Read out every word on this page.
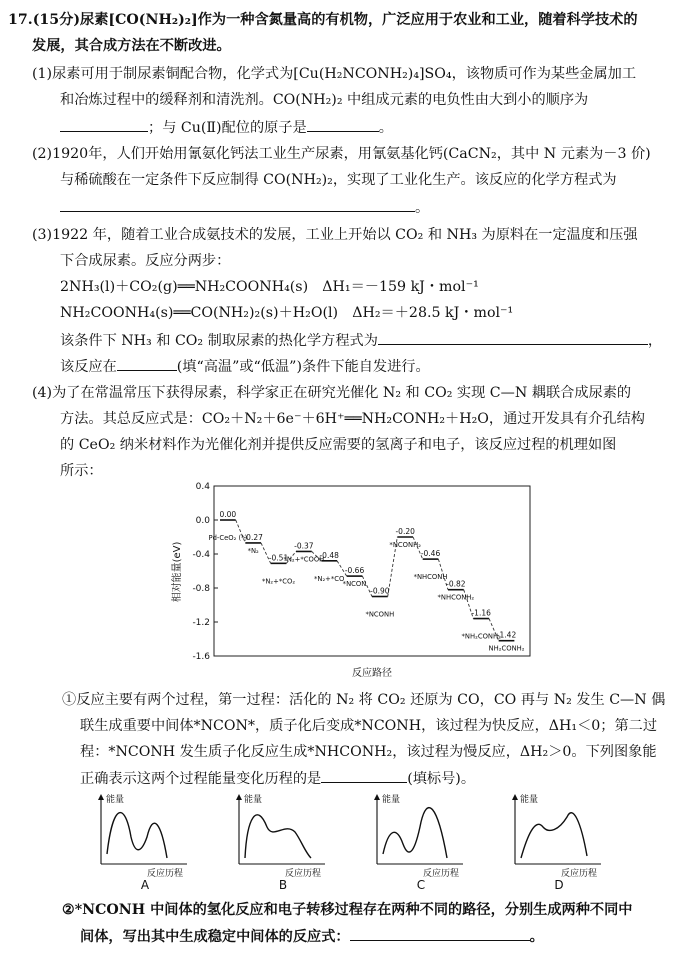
17.(15分)尿素[CO(NH₂)₂]作为一种含氮量高的有机物，广泛应用于农业和工业，随着科学技术的
发展，其合成方法在不断改进。
(1)尿素可用于制尿素铜配合物，化学式为[Cu(H₂NCONH₂)₄]SO₄，该物质可作为某些金属加工
和冶炼过程中的缓释剂和清洗剂。CO(NH₂)₂ 中组成元素的电负性由大到小的顺序为
；与 Cu(Ⅱ)配位的原子是	。
(2)1920年，人们开始用氰氨化钙法工业生产尿素，用氰氨基化钙(CaCN₂，其中 N 元素为－3 价)
与稀硫酸在一定条件下反应制得 CO(NH₂)₂，实现了工业化生产。该反应的化学方程式为
。
(3)1922 年，随着工业合成氨技术的发展，工业上开始以 CO₂ 和 NH₃ 为原料在一定温度和压强
下合成尿素。反应分两步：
2NH₃(l)＋CO₂(g)══NH₂COONH₄(s)　ΔH₁＝－159 kJ・mol⁻¹
NH₂COONH₄(s)══CO(NH₂)₂(s)＋H₂O(l)　ΔH₂＝＋28.5 kJ・mol⁻¹
该条件下 NH₃ 和 CO₂ 制取尿素的热化学方程式为	，
该反应在	(填“高温”或“低温”)条件下能自发进行。
(4)为了在常温常压下获得尿素，科学家正在研究光催化 N₂ 和 CO₂ 实现 C—N 耦联合成尿素的
方法。其总反应式是：CO₂＋N₂＋6e⁻＋6H⁺══NH₂CONH₂＋H₂O，通过开发具有介孔结构
的 CeO₂ 纳米材料作为光催化剂并提供反应需要的氢离子和电子，该反应过程的机理如图
所示：
0.4
0.0
-0.4
-0.8
-1.2
-1.6
相对能量(eV)
0.00
-0.27
-0.51
-0.37
-0.48
-0.66
-0.90
-0.20
-0.46
-0.82
-1.16
-1.42
Pd-CeO₂ (*)
*N₂
*N₂+*CO₂
*N₂+*COOH
*N₂+*CO
*NCON
*NCONH
*NCONH₂
*NHCONH
*NHCONH₂
*NH₂CONH₂
NH₂CONH₂
反应路径
①反应主要有两个过程，第一过程：活化的 N₂ 将 CO₂ 还原为 CO，CO 再与 N₂ 发生 C—N 偶
联生成重要中间体*NCON*，质子化后变成*NCONH，该过程为快反应，ΔH₁＜0；第二过
程：*NCONH 发生质子化反应生成*NHCONH₂，该过程为慢反应，ΔH₂＞0。下列图象能
正确表示这两个过程能量变化历程的是	(填标号)。
能量
反应历程
A
能量
反应历程
B
能量
反应历程
C
能量
反应历程
D
②*NCONH 中间体的氢化反应和电子转移过程存在两种不同的路径，分别生成两种不同中
间体，写出其中生成稳定中间体的反应式：	。
